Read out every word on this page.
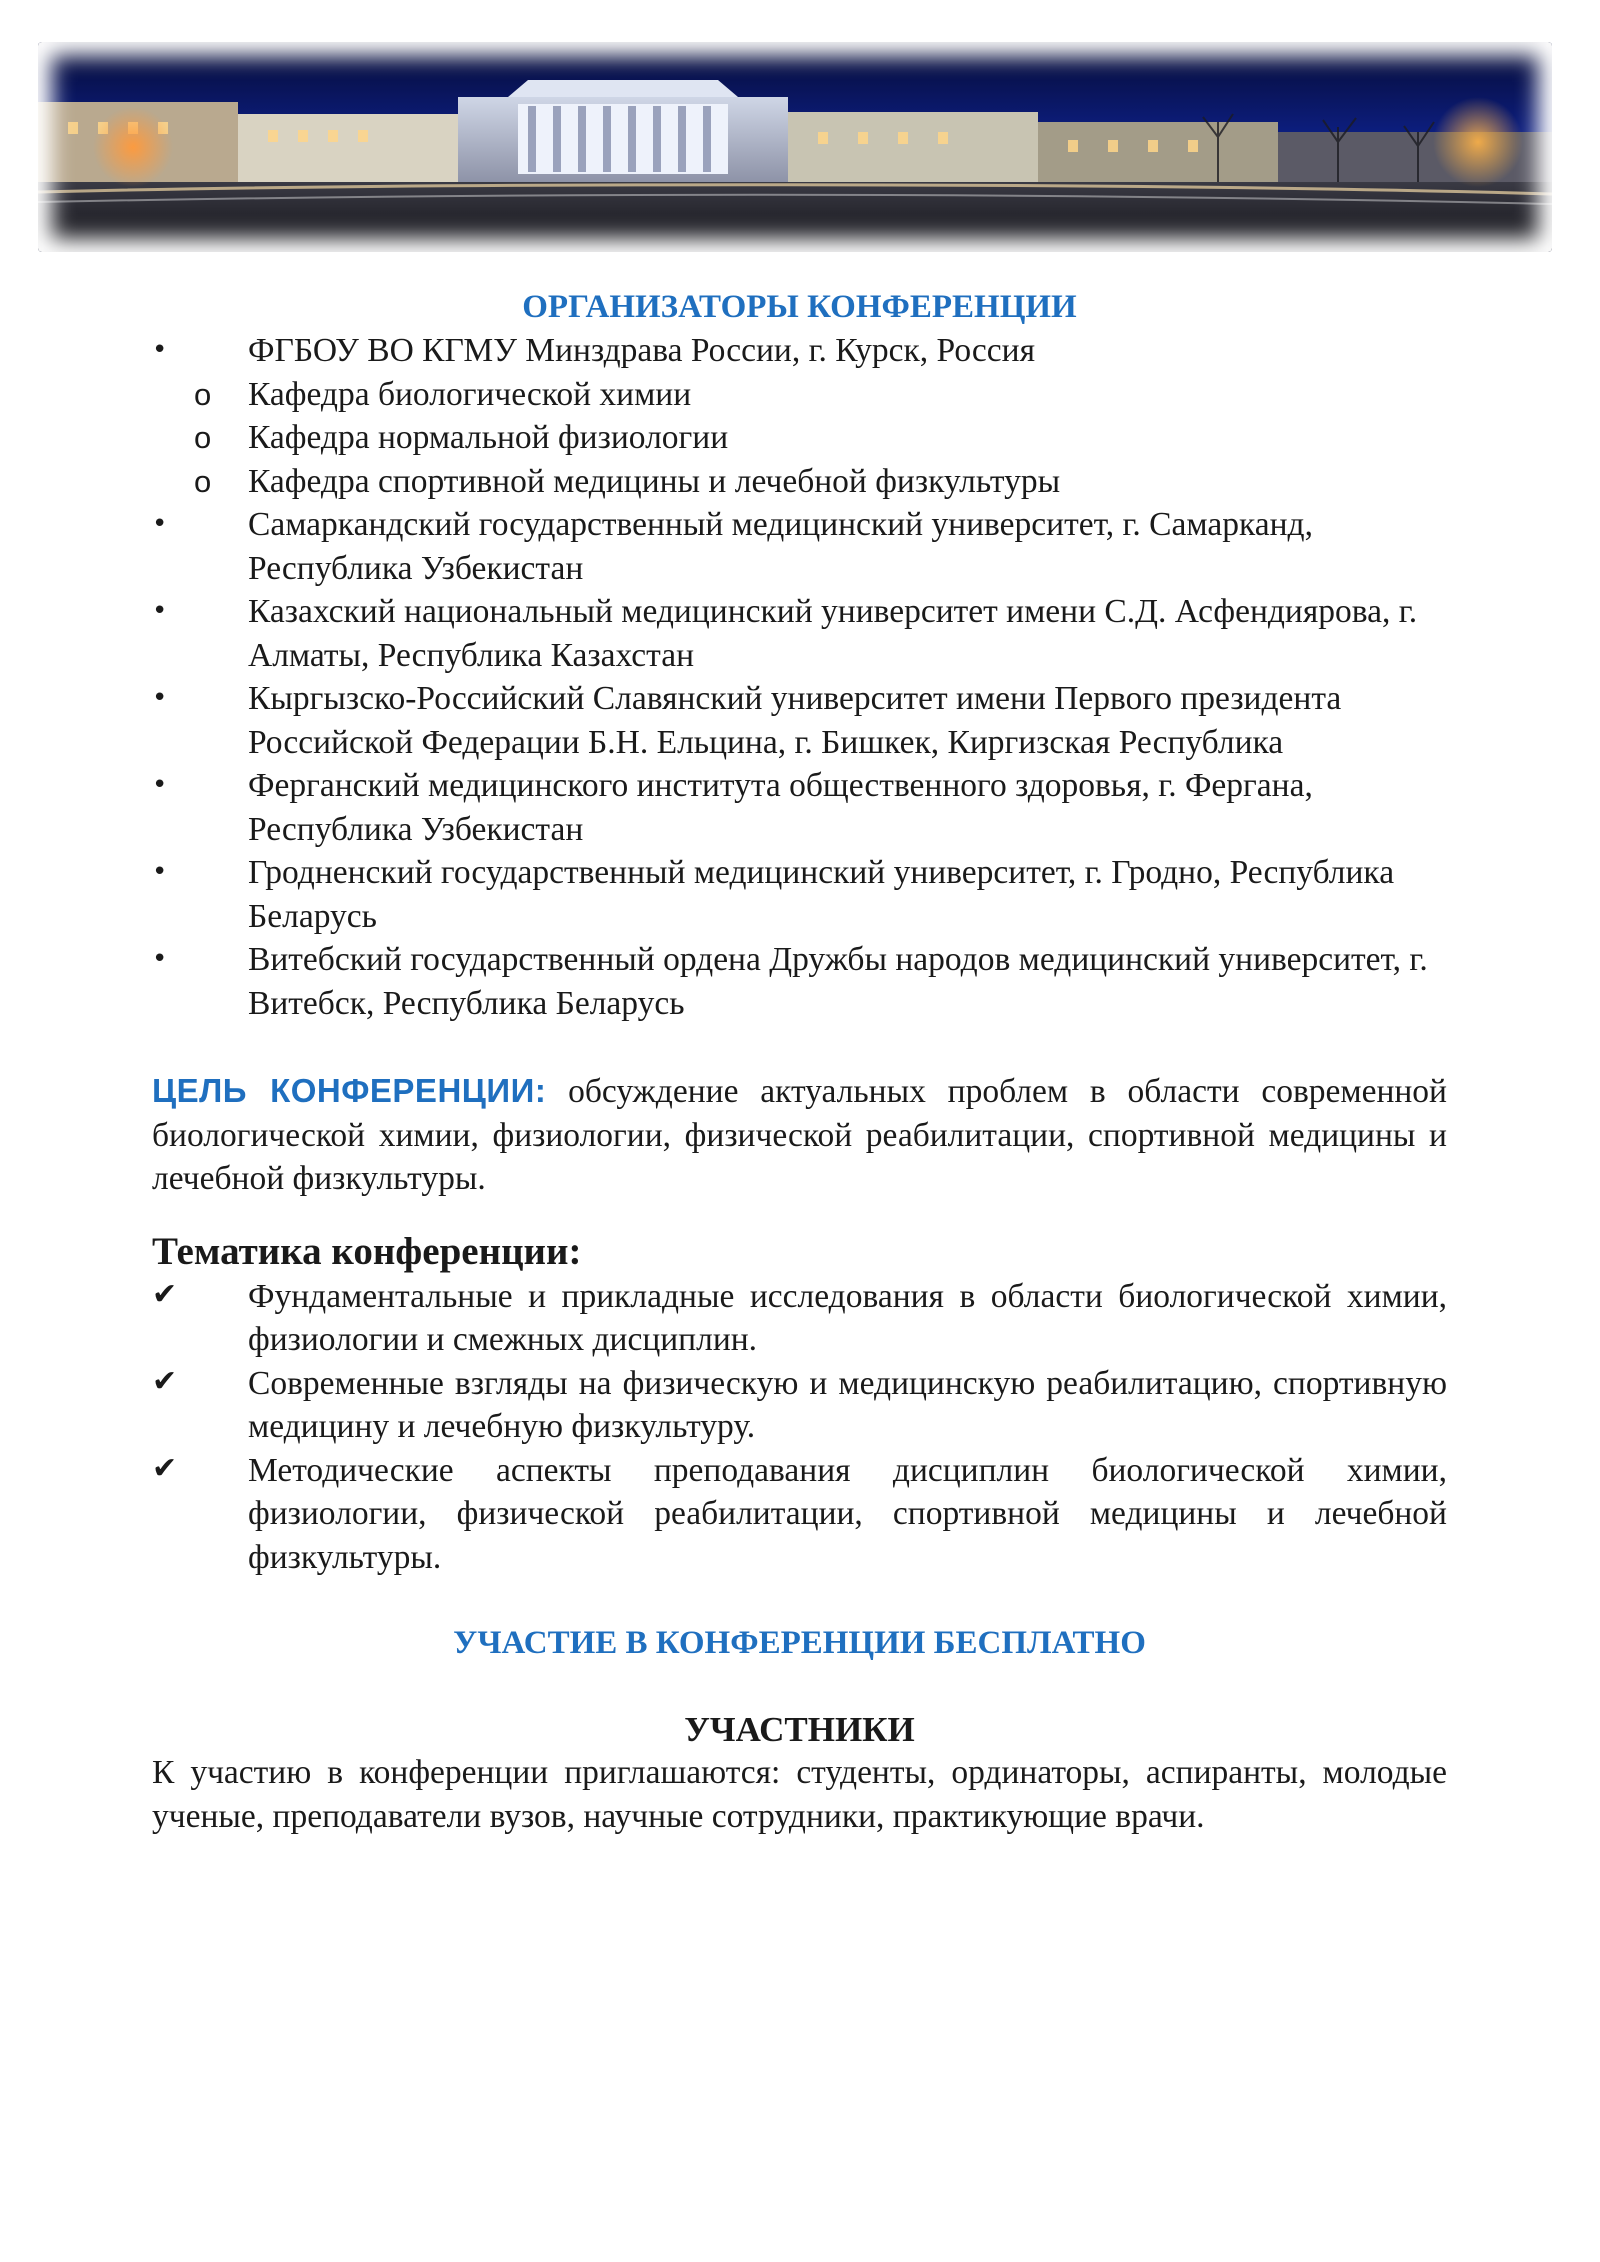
ОРГАНИЗАТОРЫ КОНФЕРЕНЦИИ
• ФГБОУ ВО КГМУ Минздрава России, г. Курск, Россия
o Кафедра биологической химии
o Кафедра нормальной физиологии
o Кафедра спортивной медицины и лечебной физкультуры
• Самаркандский государственный медицинский университет, г. Самарканд, Республика Узбекистан
• Казахский национальный медицинский университет имени С.Д. Асфендиярова, г. Алматы, Республика Казахстан
• Кыргызско-Российский Славянский университет имени Первого президента Российской Федерации Б.Н. Ельцина, г. Бишкек, Киргизская Республика
• Ферганский медицинского института общественного здоровья, г. Фергана, Республика Узбекистан
• Гродненский государственный медицинский университет, г. Гродно, Республика Беларусь
• Витебский государственный ордена Дружбы народов медицинский университет, г. Витебск, Республика Беларусь

ЦЕЛЬ КОНФЕРЕНЦИИ: обсуждение актуальных проблем в области современной биологической химии, физиологии, физической реабилитации, спортивной медицины и лечебной физкультуры.

Тематика конференции:
✔ Фундаментальные и прикладные исследования в области биологической химии, физиологии и смежных дисциплин.
✔ Современные взгляды на физическую и медицинскую реабилитацию, спортивную медицину и лечебную физкультуру.
✔ Методические аспекты преподавания дисциплин биологической химии, физиологии, физической реабилитации, спортивной медицины и лечебной физкультуры.
УЧАСТИЕ В КОНФЕРЕНЦИИ БЕСПЛАТНО
УЧАСТНИКИ
К участию в конференции приглашаются: студенты, ординаторы, аспиранты, молодые ученые, преподаватели вузов, научные сотрудники, практикующие врачи.
